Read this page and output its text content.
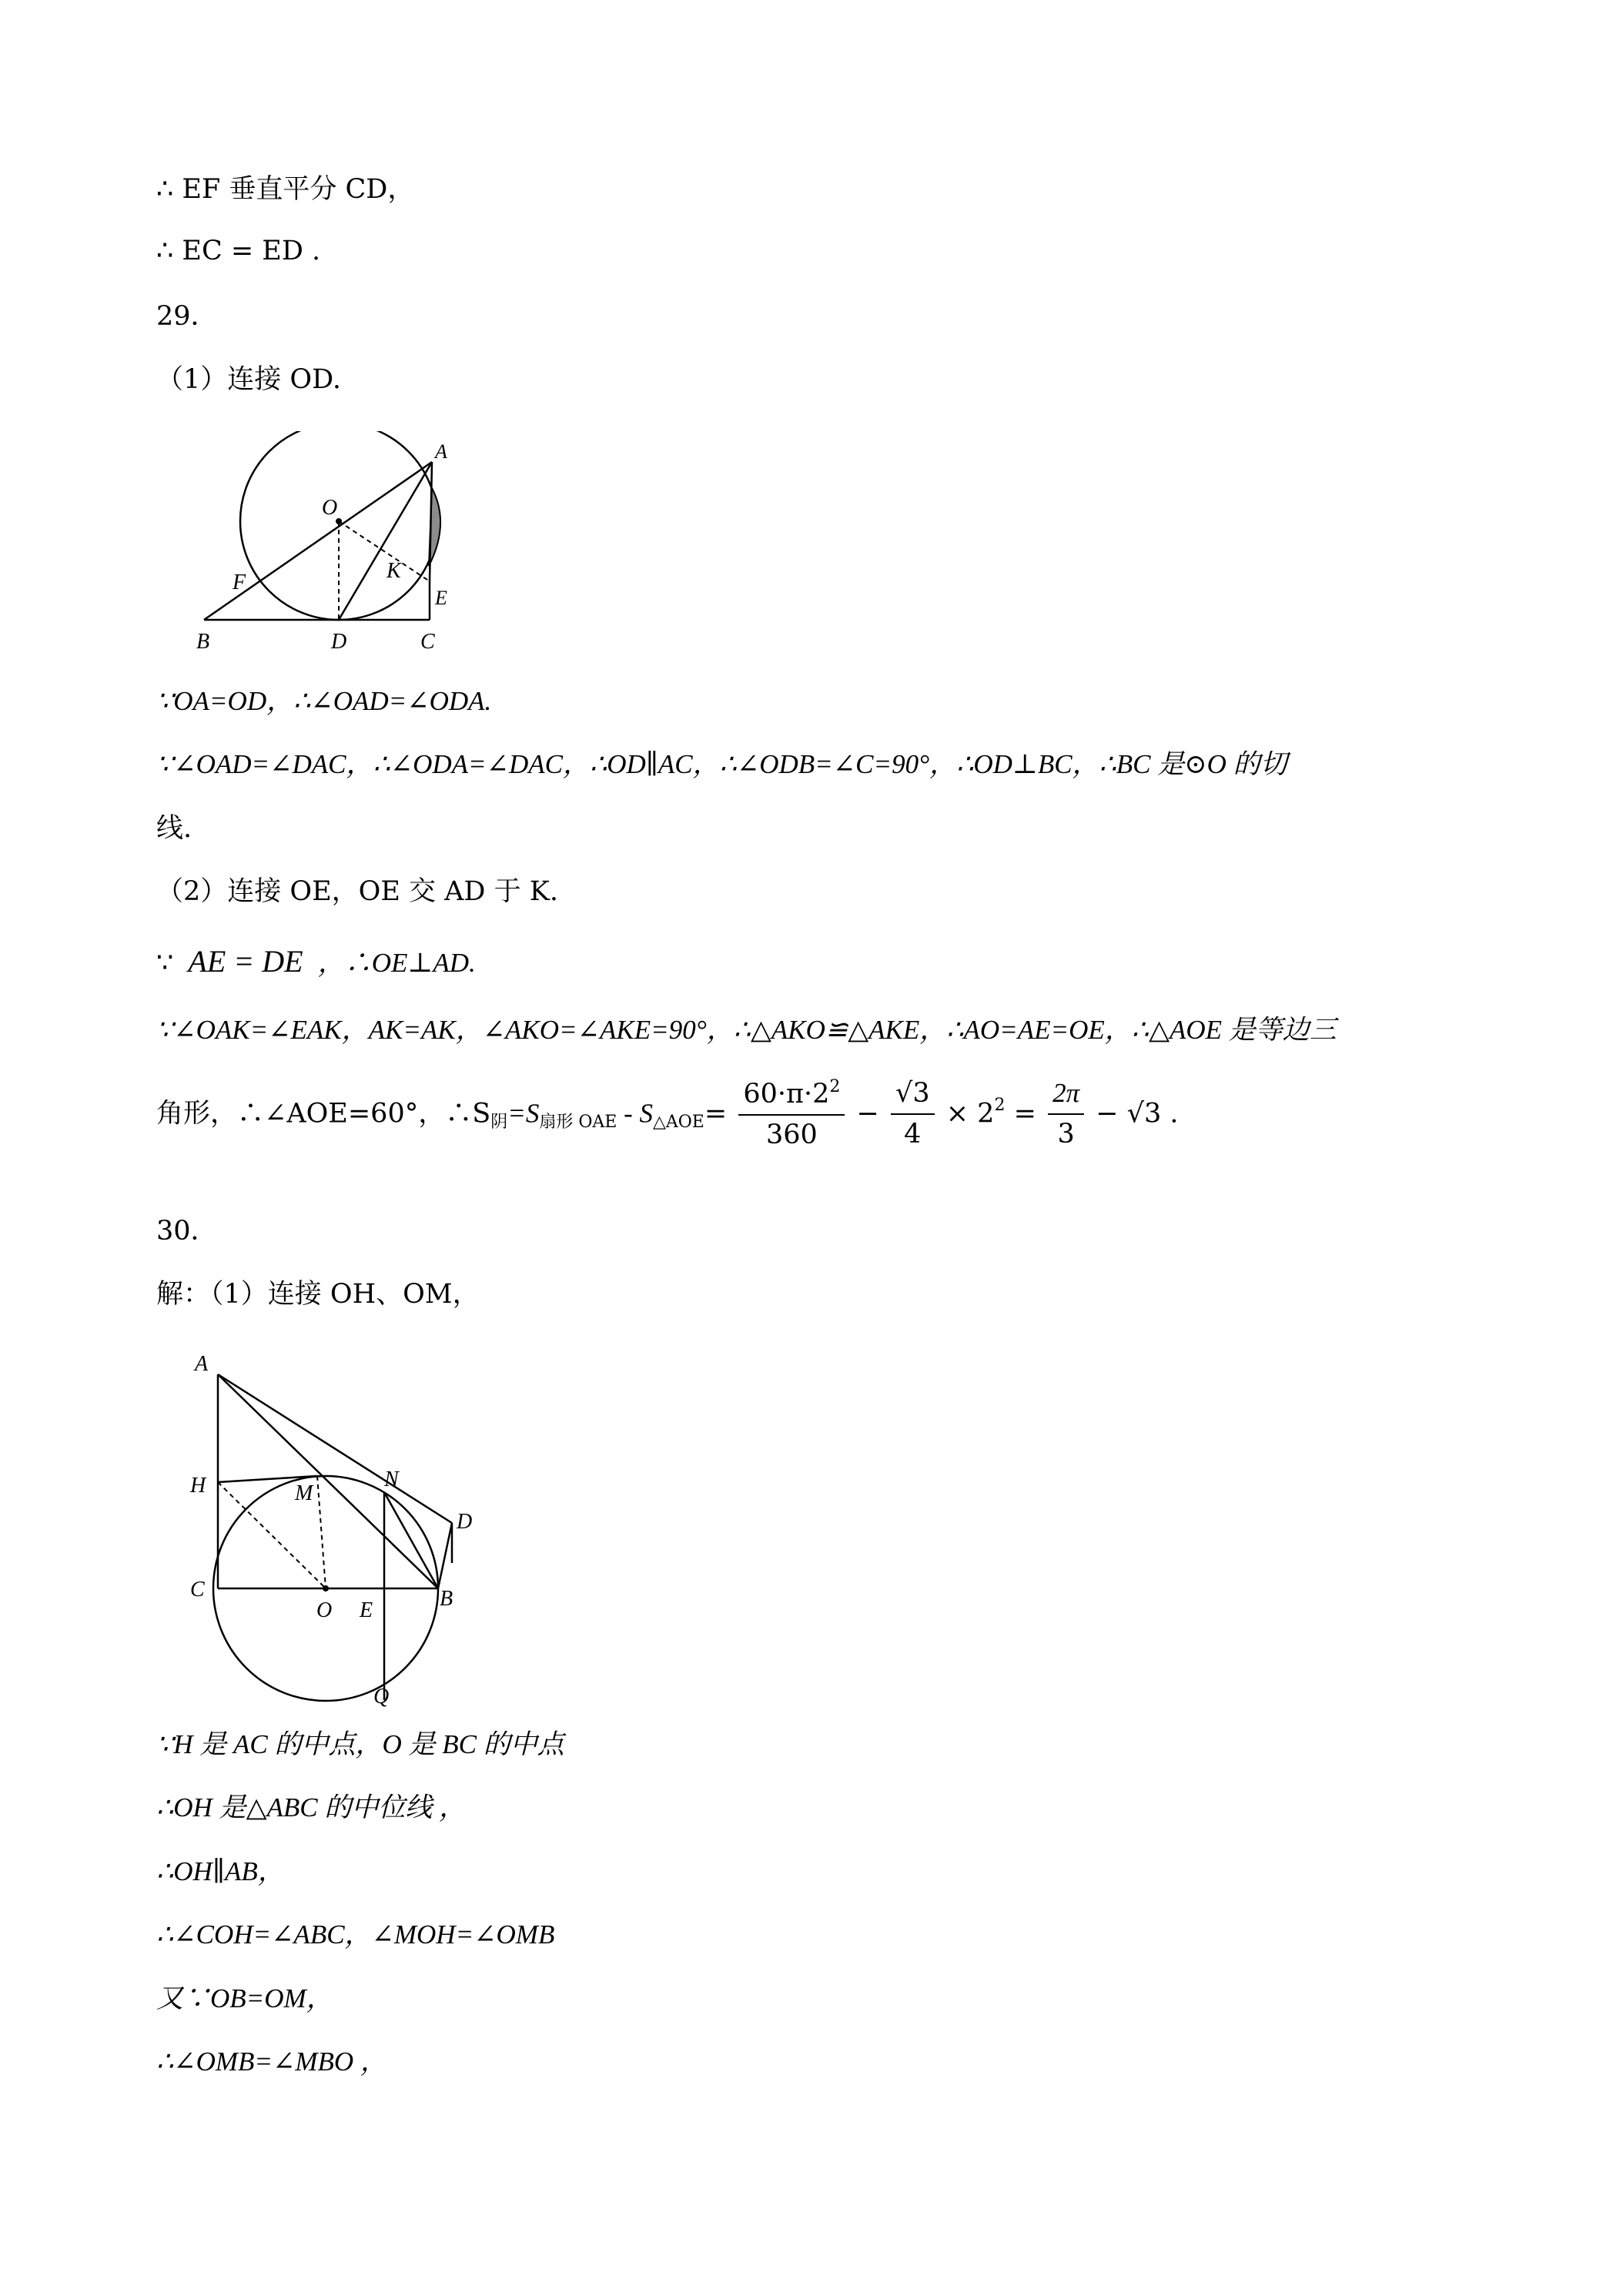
∴ EF 垂直平分 CD，
∴ EC = ED .
29．
（1）连接 OD.
A
O
F	K
E
B	D	C
∵OA=OD，∴∠OAD=∠ODA.
∵∠OAD=∠DAC，∴∠ODA=∠DAC，∴OD∥AC，∴∠ODB=∠C=90°，∴OD⊥BC，∴BC 是⊙O 的切
线.
（2）连接 OE，OE 交 AD 于 K.
∵ AE = DE ，∴OE⊥AD.
∵∠OAK=∠EAK，AK=AK，∠AKO=∠AKE=90°，∴△AKO≌△AKE，∴AO=AE=OE，∴△AOE 是等边三
角形，∴∠AOE=60°，$\therefore S_阴=S_{扇形 OAE} - S_{\triangle AOE}= \frac{60\cdot\pi\cdot 2^2}{360} - \frac{√3}{4} \times 2^2 = \frac{2\pi}{3} - √3$ .
30．
解：（1）连接 OH、OM，
A
H	M
N
D
C
O E	B
Q
∵H 是 AC 的中点，O 是 BC 的中点
∴OH 是△ABC 的中位线 ，
∴OH∥AB，
∴∠COH=∠ABC，∠MOH=∠OMB
又∵OB=OM，
∴∠OMB=∠MBO ，
